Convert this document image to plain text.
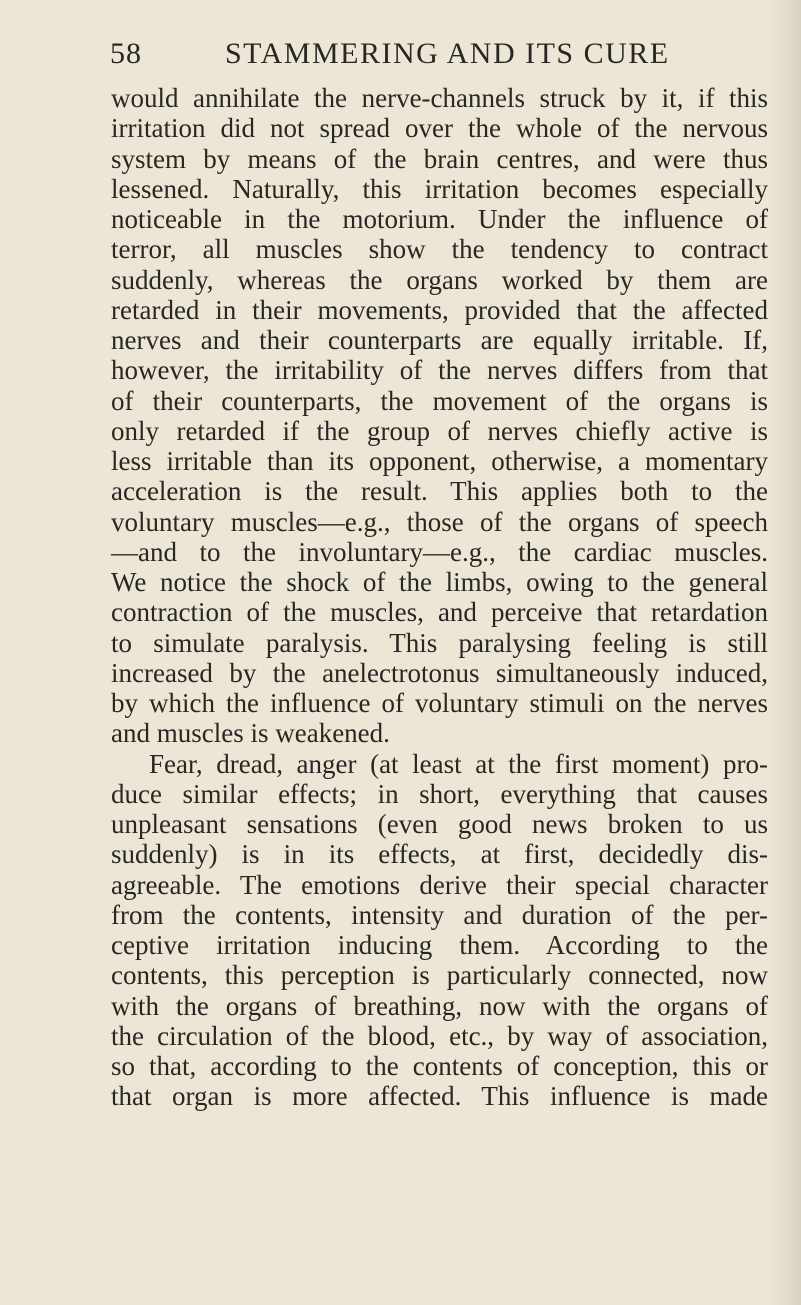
58	STAMMERING AND ITS CURE
would annihilate the nerve-channels struck by it, if this
irritation did not spread over the whole of the nervous
system by means of the brain centres, and were thus
lessened. Naturally, this irritation becomes especially
noticeable in the motorium. Under the influence of
terror, all muscles show the tendency to contract
suddenly, whereas the organs worked by them are
retarded in their movements, provided that the affected
nerves and their counterparts are equally irritable. If,
however, the irritability of the nerves differs from that
of their counterparts, the movement of the organs is
only retarded if the group of nerves chiefly active is
less irritable than its opponent, otherwise, a momentary
acceleration is the result. This applies both to the
voluntary muscles—e.g., those of the organs of speech
—and to the involuntary—e.g., the cardiac muscles.
We notice the shock of the limbs, owing to the general
contraction of the muscles, and perceive that retardation
to simulate paralysis. This paralysing feeling is still
increased by the anelectrotonus simultaneously induced,
by which the influence of voluntary stimuli on the nerves
and muscles is weakened.
Fear, dread, anger (at least at the first moment) pro-
duce similar effects; in short, everything that causes
unpleasant sensations (even good news broken to us
suddenly) is in its effects, at first, decidedly dis-
agreeable. The emotions derive their special character
from the contents, intensity and duration of the per-
ceptive irritation inducing them. According to the
contents, this perception is particularly connected, now
with the organs of breathing, now with the organs of
the circulation of the blood, etc., by way of association,
so that, according to the contents of conception, this or
that organ is more affected. This influence is made
